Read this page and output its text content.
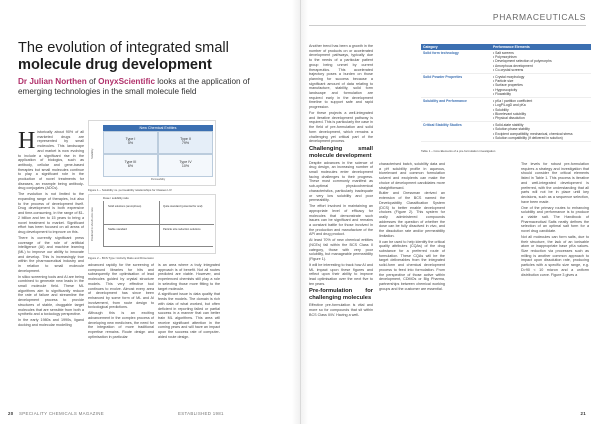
The evolution of integrated small
molecule drug development
Dr Julian Northen of OnyxScientific looks at the application of emerging technologies in the small molecule field

Historically about 90% of all marketed drugs are represented by small molecules. This landscape and market is now evolving to include a significant rise in the application of biologics, such as antibody, cellular and gene-based therapies but small molecules continue to play a significant role in the production of novel treatments for diseases, an example being antibody-drug conjugates (ADCs).

The evolution is not limited to the expanding range of therapies, but also to the process of development itself. Drug development is both expensive and time-consuming, in the range of $1-2 billion and ten to 15 years to bring a novel treatment to market. Significant effort has been focused on all areas of drug development to improve on this.

There is currently significant press coverage of the role of artificial intelligence (AI) and machine learning (ML) to improve our ability to innovate and develop. This is increasingly true within the pharmaceutical industry and in relation to small molecule development.

In silico screening tools and AI are being combined to generate new leads in the small molecule field. These ML algorithms aim to significantly reduce the rate of failure and streamline the development process to provide structures of stable, druggable target molecules that are sensible from both a synthetic and a toxicology perspective.

In the early 1980s and 1990s, ligand docking and molecular modelling

New Chemical Entities
Type I
5%
Type II
79%
Type III
6%
Type IV
10%
Solubility
Permeability
Figure 1 – Solubility vs. permeability relationships for Classes I-IV
Dose / solubility ratio
Predicted In-Vivo/in vitro ratio
Solid solutions (amorphous)	Quite standard (potential for oral)
Stable standard	Particle size reduction solutions
Figure 2 – BCS Type I Activity Ratio and Dimension

advanced rapidly for the screening of compound libraries for hits and subsequently the optimisation of lead molecules guided by crystal structure models. This very effective tool continues to evolve. Almost every area of development has since been enhanced by some form of ML and AI involvement, from route design to toxicological predictions.

Although this is an exciting advancement in the complex process of developing new medicines, the need for the integration of more traditional expertise remains. Route design and optimisation in particular

is an area where a truly integrated approach is of benefit. Not all routes predicted are viable. However, and experienced chemists still play a role in selecting those more fitting to the target molecule.

A significant issue is data quality that feeds the models. The domain is rich with data of what worked, but often deficient in reporting failed or partial success in a manner that can better train ML algorithms. This area will receive significant attention in the coming years and will have an impact upon the success rate of computer-aided route design.

20 SPECIALITY CHEMICALS MAGAZINE	ESTABLISHED 1981
PHARMACEUTICALS

Another trend has been a growth in the number of products on or accelerated development pathways, typically due to the needs of a particular patient group being unmet by current therapeutics. This accelerated trajectory poses a burden on those planning for success because a significant amount of data relating to manufacture, stability, solid form landscape and formulation are required early in the development timeline to support safe and rapid progression.

For these projects a well-integrated and iterative development pathway is required. This is particularly the case in the field of pre-formulation and solid form development, which remains a challenging yet critical part of the development process.

Challenging small molecule development

Despite advances in the science of drug design, an increasing number of small molecules enter development facing challenges to their progress. These most commonly manifest as sub-optimal physicochemical characteristics, particularly inadequate or very low solubility and poor permeability.

The effort involved in maintaining an appropriate level of efficacy for molecules that demonstrate such issues can be significant and remains a constant battle for those involved in the production and manufacture of the API and drug product.

At least 70% of new chemical entities (NCEs) fall within the BCS Class II category, those with very poor solubility, but manageable permeability (Figure 1).

It will be interesting to track how AI and ML impact upon these figures and reflect upon their ability to improve lead optimisation over the next five to ten years.

Pre-formulation for challenging molecules

Effective pre-formulation is vital and more so for compounds that sit within BCS Class II/IV. Having a well-

Category	Performance Elements
Solid form technology	• Salt screens
• Polymorphism
• Development selection of polymorphs
• Amorphous development
• Co-crystal screens

Solid Powder Properties	• Crystal morphology
• Particle size
• Surface properties
• Hygroscopicity
• Flowability

Solubility and Performance	• pKa / partition coefficient
• LogP/LogD and pKa
• Solubility
• Biorelevant solubility
• Physical dissolution

Critical Stability Studies	• Solid-state stability
• Solution phase stability
• Excipient compatibility, mechanical, chemical stress
• Solution compatibility (if delivered in solution)
Table 1 – Core Elements of a pre-formulation investigation

characterised batch, solubility data and a pH solubility profile in aqueous, biorelevant and common formulation solvent and excipients can make the choice of development candidates more straightforward.

Butler and Dressman derived an extension of the BCS named the Developability Classification System (DCS) to better enable development choices (Figure 2). This system for orally administered compounds addresses the question of whether the dose can be fully dissolved in vivo, and the dissolution rate and/or permeability limitation.

It can be used to help identify the critical quality attributes (CQAs) of the drug substance for a preferred route of formulation. These CQAs will be the target deliverables from the integrated solid-form and chemical development process to feed into formulation. From the perspective of those active within development, CDMOs or Big Pharma, partnerships between chemical working groups and the customer are essential.

The levels for robust pre-formulation requires a strategy and investigation that should consider the critical elements listed in Table 1. This process is iterative and well-integrated development is preferred, with the understanding that all parts will not be in place until key decisions, such as a sequence selection, have been made.

One of the primary routes to enhancing solubility and performance is to produce a viable salt. The Handbook of Pharmaceutical Salts neatly defines the selection of an optimal salt form for a novel drug candidate.

Not all molecules can form salts, due to their structure, the lack of an ionisable atom or inappropriate base pKa values. Size reduction via processes such as milling is another common approach to impact upon dissolution rate, producing particles with a specific size range, e.g. D>90 < 10 micron and a uniform distribution curve. Figure 3 gives a

21
